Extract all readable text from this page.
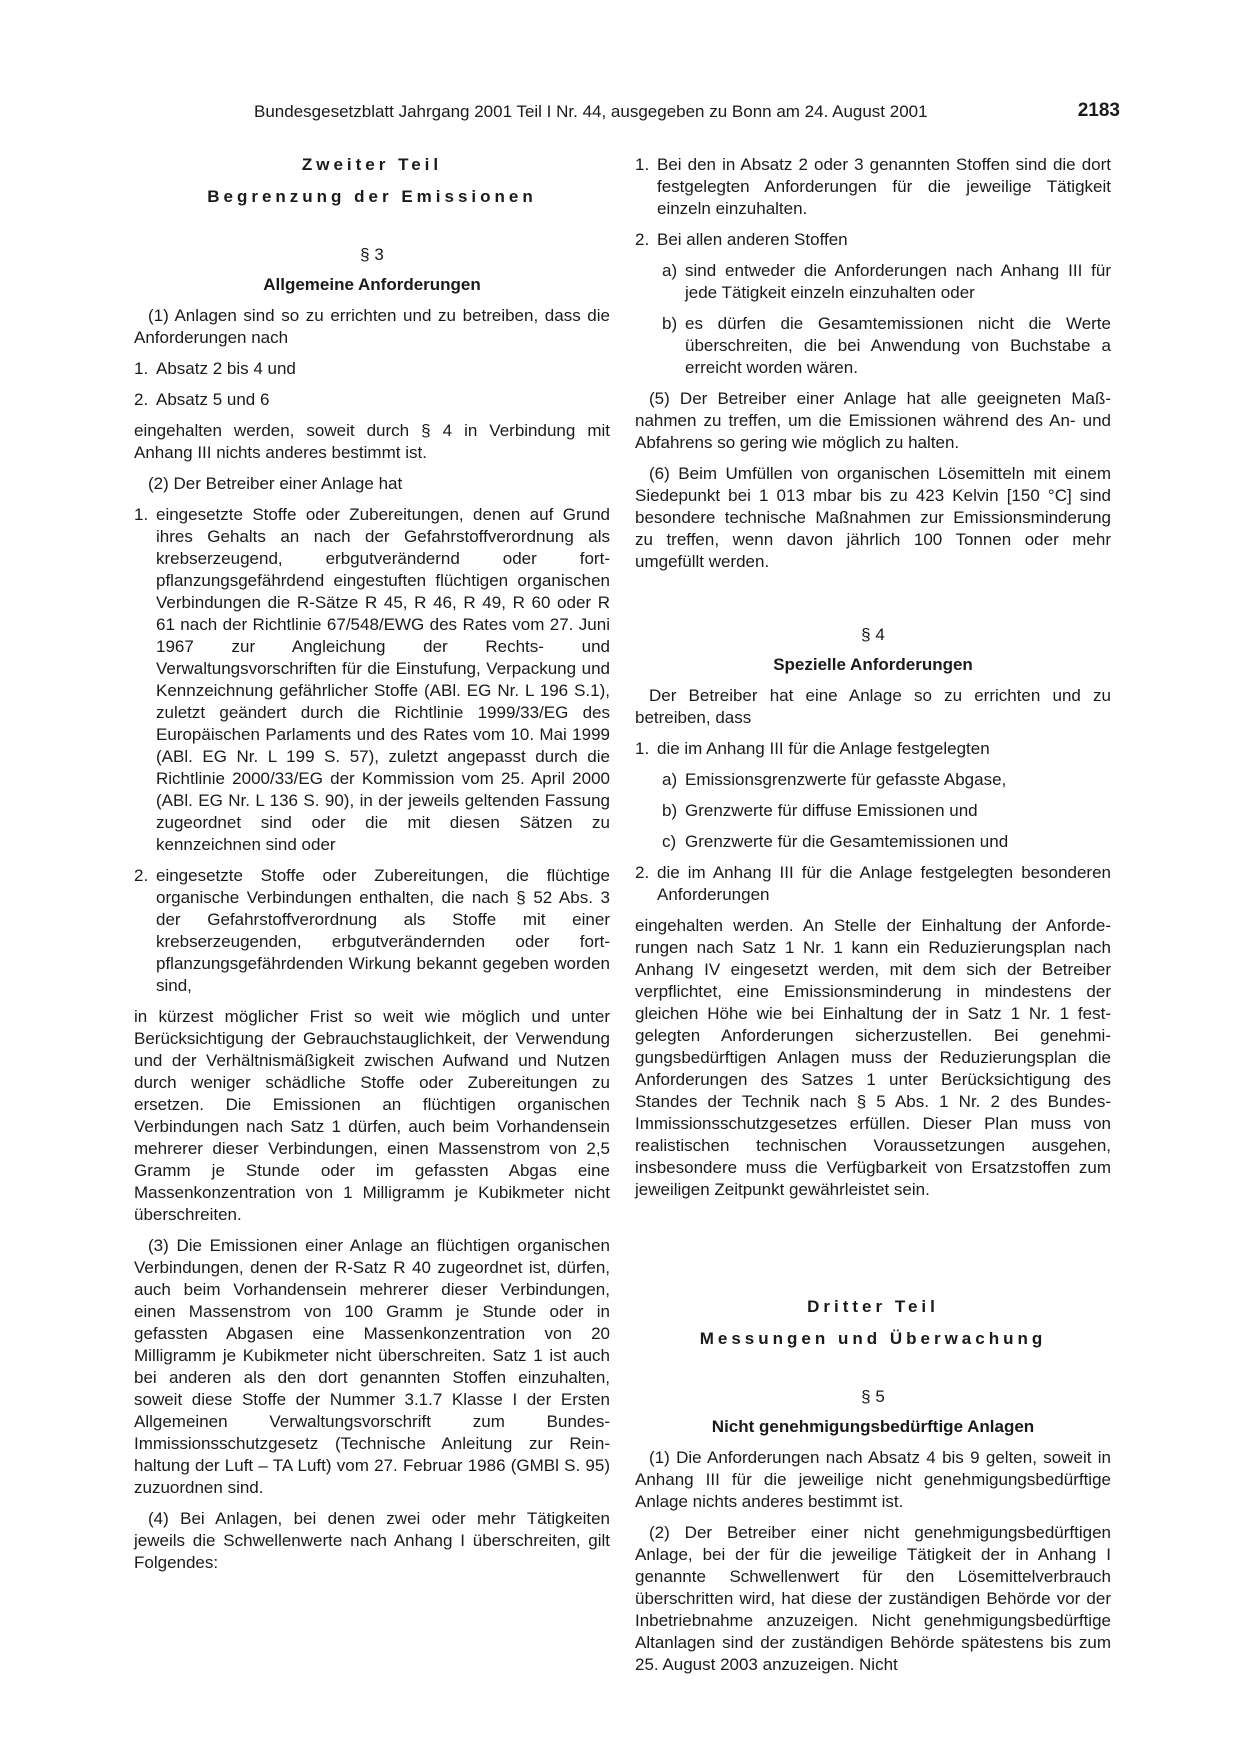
Bundesgesetzblatt Jahrgang 2001 Teil I Nr. 44, ausgegeben zu Bonn am 24. August 2001	2183
Zweiter Teil
Begrenzung der Emissionen
§ 3
Allgemeine Anforderungen

(1) Anlagen sind so zu errichten und zu betreiben, dass die Anforderungen nach

1. Absatz 2 bis 4 und
2. Absatz 5 und 6

eingehalten werden, soweit durch § 4 in Verbindung mit Anhang III nichts anderes bestimmt ist.

(2) Der Betreiber einer Anlage hat

1. eingesetzte Stoffe oder Zubereitungen, denen auf Grund ihres Gehalts an nach der Gefahrstoffverordnung als krebserzeugend, erbgutverändernd oder fortpflanzungsgefährdend eingestuften flüchtigen organischen Verbindungen die R-Sätze R 45, R 46, R 49, R 60 oder R 61 nach der Richtlinie 67/548/EWG des Rates vom 27. Juni 1967 zur Angleichung der Rechts- und Verwaltungsvorschriften für die Einstufung, Verpackung und Kennzeichnung gefährlicher Stoffe (ABl. EG Nr. L 196 S.1), zuletzt geändert durch die Richtlinie 1999/33/EG des Europäischen Parlaments und des Rates vom 10. Mai 1999 (ABl. EG Nr. L 199 S. 57), zuletzt angepasst durch die Richtlinie 2000/33/EG der Kommission vom 25. April 2000 (ABl. EG Nr. L 136 S. 90), in der jeweils geltenden Fassung zugeordnet sind oder die mit diesen Sätzen zu kennzeichnen sind oder
2. eingesetzte Stoffe oder Zubereitungen, die flüchtige organische Verbindungen enthalten, die nach § 52 Abs. 3 der Gefahrstoffverordnung als Stoffe mit einer krebserzeugenden, erbgutverändernden oder fortpflanzungsgefährdenden Wirkung bekannt gegeben worden sind,

in kürzest möglicher Frist so weit wie möglich und unter Berücksichtigung der Gebrauchstauglichkeit, der Verwendung und der Verhältnismäßigkeit zwischen Aufwand und Nutzen durch weniger schädliche Stoffe oder Zubereitungen zu ersetzen. Die Emissionen an flüchtigen organischen Verbindungen nach Satz 1 dürfen, auch beim Vorhandensein mehrerer dieser Verbindungen, einen Massenstrom von 2,5 Gramm je Stunde oder im gefassten Abgas eine Massenkonzentration von 1 Milligramm je Kubikmeter nicht überschreiten.

(3) Die Emissionen einer Anlage an flüchtigen organischen Verbindungen, denen der R-Satz R 40 zugeordnet ist, dürfen, auch beim Vorhandensein mehrerer dieser Verbindungen, einen Massenstrom von 100 Gramm je Stunde oder in gefassten Abgasen eine Massenkonzentration von 20 Milligramm je Kubikmeter nicht überschreiten. Satz 1 ist auch bei anderen als den dort genannten Stoffen einzuhalten, soweit diese Stoffe der Nummer 3.1.7 Klasse I der Ersten Allgemeinen Verwaltungsvorschrift zum Bundes-Immissionsschutzgesetz (Technische Anleitung zur Reinhaltung der Luft – TA Luft) vom 27. Februar 1986 (GMBl S. 95) zuzuordnen sind.

(4) Bei Anlagen, bei denen zwei oder mehr Tätigkeiten jeweils die Schwellenwerte nach Anhang I überschreiten, gilt Folgendes:

1. Bei den in Absatz 2 oder 3 genannten Stoffen sind die dort festgelegten Anforderungen für die jeweilige Tätigkeit einzeln einzuhalten.
2. Bei allen anderen Stoffen
a) sind entweder die Anforderungen nach Anhang III für jede Tätigkeit einzeln einzuhalten oder
b) es dürfen die Gesamtemissionen nicht die Werte überschreiten, die bei Anwendung von Buchstabe a erreicht worden wären.

(5) Der Betreiber einer Anlage hat alle geeigneten Maßnahmen zu treffen, um die Emissionen während des An- und Abfahrens so gering wie möglich zu halten.

(6) Beim Umfüllen von organischen Lösemitteln mit einem Siedepunkt bei 1 013 mbar bis zu 423 Kelvin [150 °C] sind besondere technische Maßnahmen zur Emissionsminderung zu treffen, wenn davon jährlich 100 Tonnen oder mehr umgefüllt werden.

§ 4
Spezielle Anforderungen

Der Betreiber hat eine Anlage so zu errichten und zu betreiben, dass

1. die im Anhang III für die Anlage festgelegten
a) Emissionsgrenzwerte für gefasste Abgase,
b) Grenzwerte für diffuse Emissionen und
c) Grenzwerte für die Gesamtemissionen und
2. die im Anhang III für die Anlage festgelegten besonderen Anforderungen

eingehalten werden. An Stelle der Einhaltung der Anforderungen nach Satz 1 Nr. 1 kann ein Reduzierungsplan nach Anhang IV eingesetzt werden, mit dem sich der Betreiber verpflichtet, eine Emissionsminderung in mindestens der gleichen Höhe wie bei Einhaltung der in Satz 1 Nr. 1 festgelegten Anforderungen sicherzustellen. Bei genehmigungsbedürftigen Anlagen muss der Reduzierungsplan die Anforderungen des Satzes 1 unter Berücksichtigung des Standes der Technik nach § 5 Abs. 1 Nr. 2 des Bundes-Immissionsschutzgesetzes erfüllen. Dieser Plan muss von realistischen technischen Voraussetzungen ausgehen, insbesondere muss die Verfügbarkeit von Ersatzstoffen zum jeweiligen Zeitpunkt gewährleistet sein.

Dritter Teil
Messungen und Überwachung
§ 5
Nicht genehmigungsbedürftige Anlagen

(1) Die Anforderungen nach Absatz 4 bis 9 gelten, soweit in Anhang III für die jeweilige nicht genehmigungsbedürftige Anlage nichts anderes bestimmt ist.

(2) Der Betreiber einer nicht genehmigungsbedürftigen Anlage, bei der für die jeweilige Tätigkeit der in Anhang I genannte Schwellenwert für den Lösemittelverbrauch überschritten wird, hat diese der zuständigen Behörde vor der Inbetriebnahme anzuzeigen. Nicht genehmigungsbedürftige Altanlagen sind der zuständigen Behörde spätestens bis zum 25. August 2003 anzuzeigen. Nicht
